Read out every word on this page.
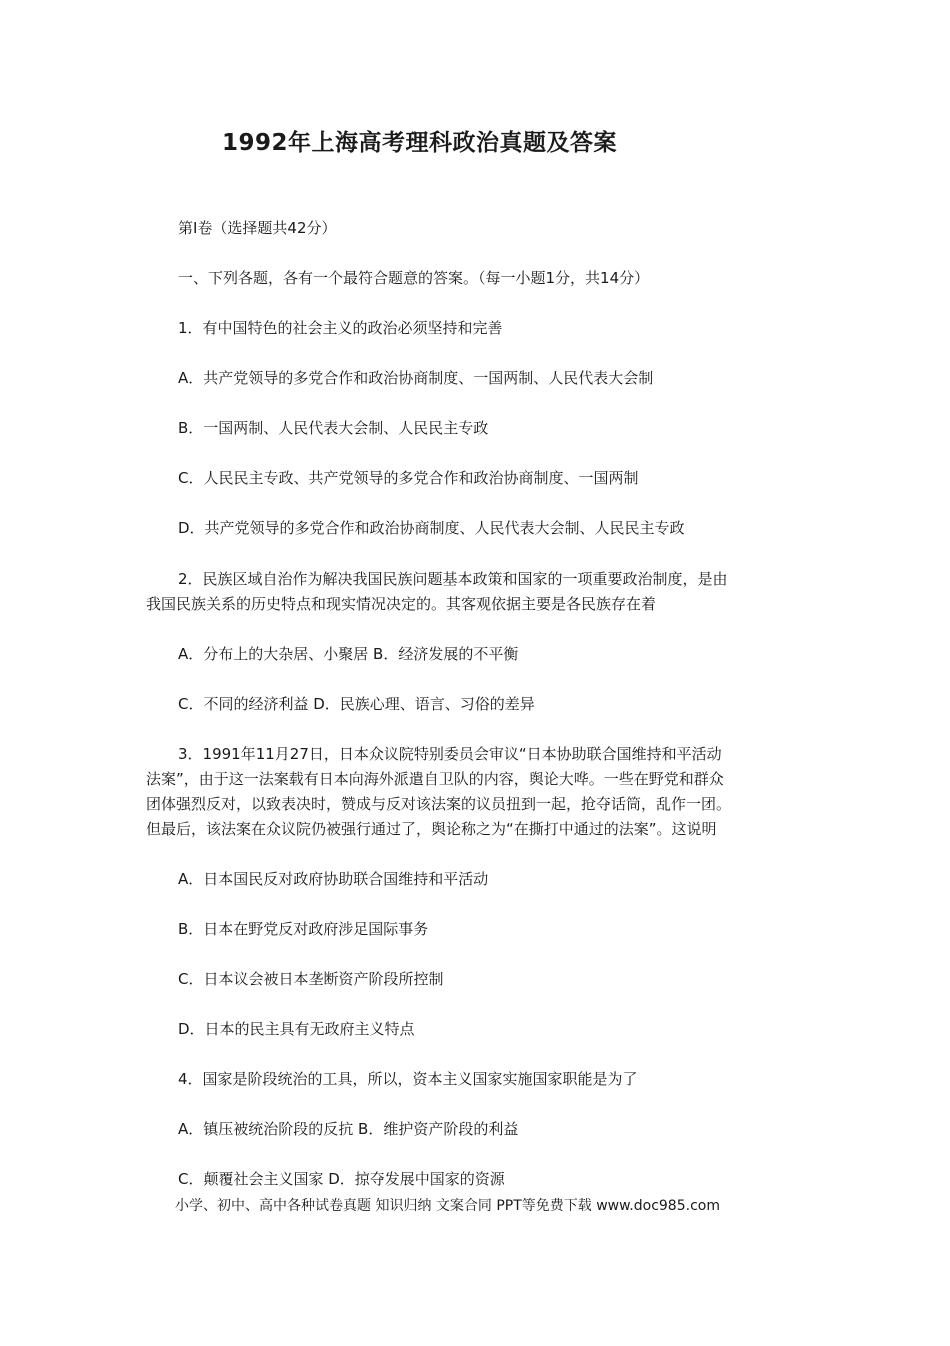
1992年上海高考理科政治真题及答案
第I卷（选择题共42分）
一、下列各题，各有一个最符合题意的答案。（每一小题1分，共14分）
1．有中国特色的社会主义的政治必须坚持和完善
A．共产党领导的多党合作和政治协商制度、一国两制、人民代表大会制
B．一国两制、人民代表大会制、人民民主专政
C．人民民主专政、共产党领导的多党合作和政治协商制度、一国两制
D．共产党领导的多党合作和政治协商制度、人民代表大会制、人民民主专政
2．民族区域自治作为解决我国民族问题基本政策和国家的一项重要政治制度，是由
我国民族关系的历史特点和现实情况决定的。其客观依据主要是各民族存在着
A．分布上的大杂居、小聚居 B．经济发展的不平衡
C．不同的经济利益 D．民族心理、语言、习俗的差异
3．1991年11月27日，日本众议院特别委员会审议“日本协助联合国维持和平活动
法案”，由于这一法案载有日本向海外派遣自卫队的内容，舆论大哗。一些在野党和群众
团体强烈反对，以致表决时，赞成与反对该法案的议员扭到一起，抢夺话筒，乱作一团。
但最后，该法案在众议院仍被强行通过了，舆论称之为“在撕打中通过的法案”。这说明
A．日本国民反对政府协助联合国维持和平活动
B．日本在野党反对政府涉足国际事务
C．日本议会被日本垄断资产阶段所控制
D．日本的民主具有无政府主义特点
4．国家是阶段统治的工具，所以，资本主义国家实施国家职能是为了
A．镇压被统治阶段的反抗 B．维护资产阶段的利益
C．颠覆社会主义国家 D．掠夺发展中国家的资源
小学、初中、高中各种试卷真题 知识归纳 文案合同 PPT等免费下载 www.doc985.com
